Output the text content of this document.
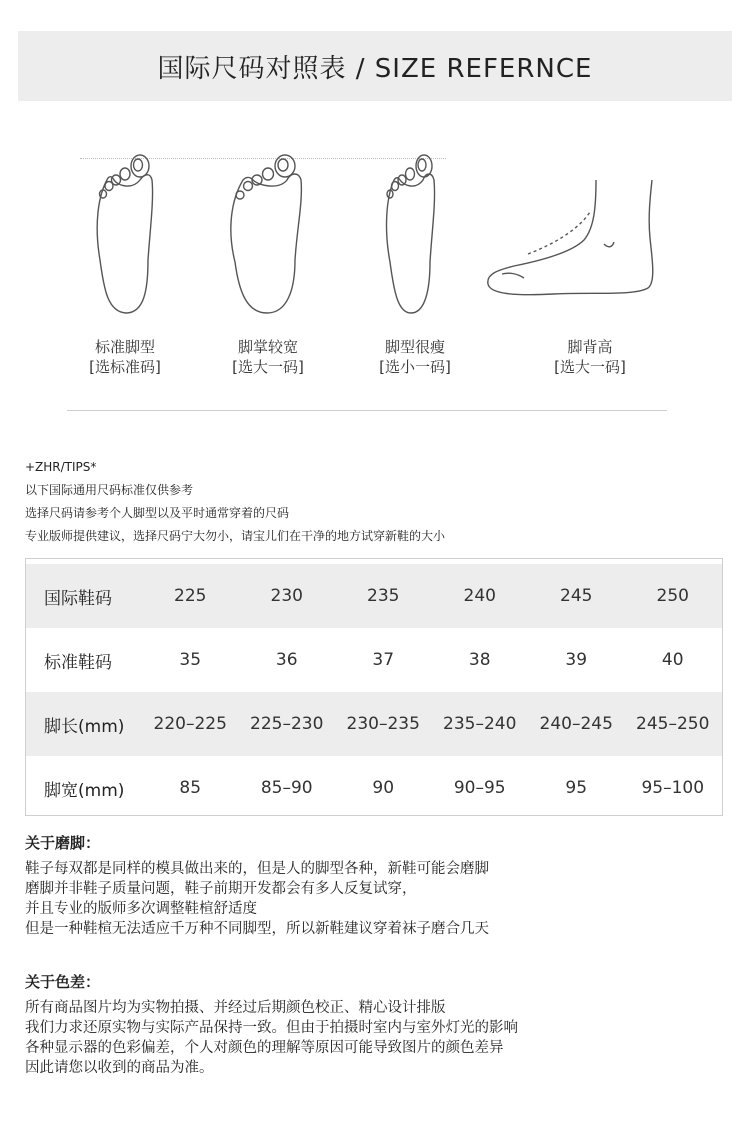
国际尺码对照表 / SIZE REFERNCE
标准脚型
[选标准码]
脚掌较宽
[选大一码]
脚型很瘦
[选小一码]
脚背高
[选大一码]
+ZHR/TIPS*
以下国际通用尺码标准仅供参考
选择尺码请参考个人脚型以及平时通常穿着的尺码
专业版师提供建议，选择尺码宁大勿小，请宝儿们在干净的地方试穿新鞋的大小
国际鞋码	225	230	235	240	245	250
标准鞋码	35	36	37	38	39	40
脚长(mm)	220–225	225–230	230–235	235–240	240–245	245–250
脚宽(mm)	85	85–90	90	90–95	95	95–100
关于磨脚：
鞋子每双都是同样的模具做出来的，但是人的脚型各种，新鞋可能会磨脚
磨脚并非鞋子质量问题，鞋子前期开发都会有多人反复试穿，
并且专业的版师多次调整鞋楦舒适度
但是一种鞋楦无法适应千万种不同脚型，所以新鞋建议穿着袜子磨合几天
关于色差：
所有商品图片均为实物拍摄、并经过后期颜色校正、精心设计排版
我们力求还原实物与实际产品保持一致。但由于拍摄时室内与室外灯光的影响
各种显示器的色彩偏差，个人对颜色的理解等原因可能导致图片的颜色差异
因此请您以收到的商品为准。
